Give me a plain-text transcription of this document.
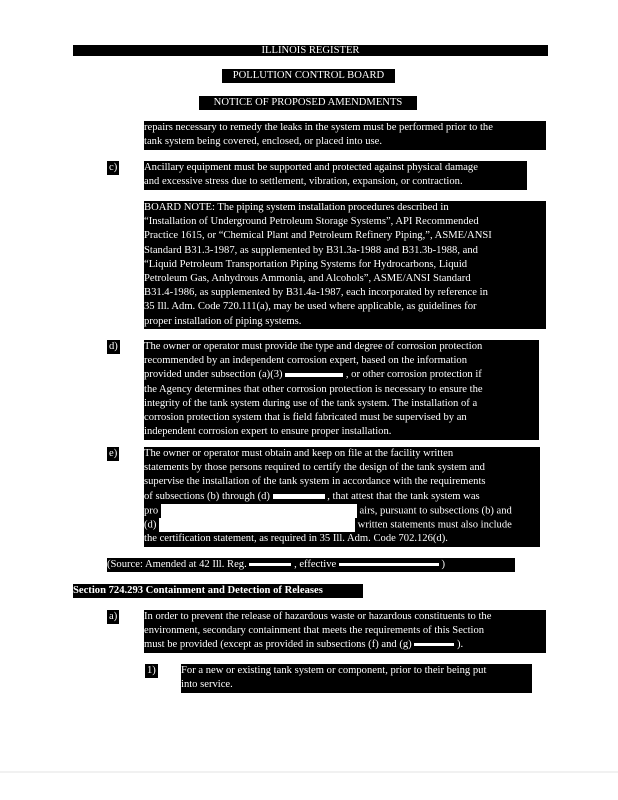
ILLINOIS REGISTER
POLLUTION CONTROL BOARD
NOTICE OF PROPOSED AMENDMENTS
repairs necessary to remedy the leaks in the system must be performed prior to the
tank system being covered, enclosed, or placed into use.
c)	Ancillary equipment must be supported and protected against physical damage
and excessive stress due to settlement, vibration, expansion, or contraction.
BOARD NOTE: The piping system installation procedures described in
“Installation of Underground Petroleum Storage Systems”, API Recommended
Practice 1615, or “Chemical Plant and Petroleum Refinery Piping,”, ASME/ANSI
Standard B31.3-1987, as supplemented by B31.3a-1988 and B31.3b-1988, and
“Liquid Petroleum Transportation Piping Systems for Hydrocarbons, Liquid
Petroleum Gas, Anhydrous Ammonia, and Alcohols”, ASME/ANSI Standard
B31.4-1986, as supplemented by B31.4a-1987, each incorporated by reference in
35 Ill. Adm. Code 720.111(a), may be used where applicable, as guidelines for
proper installation of piping systems.
d) The owner or operator must provide the type and degree of corrosion protection
recommended by an independent corrosion expert, based on the information
provided under subsection (a)(3)	, or other corrosion protection if
the Agency determines that other corrosion protection is necessary to ensure the
integrity of the tank system during use of the tank system. The installation of a
corrosion protection system that is field fabricated must be supervised by an
independent corrosion expert to ensure proper installation.
e)	The owner or operator must obtain and keep on file at the facility written
statements by those persons required to certify the design of the tank system and
supervise the installation of the tank system in accordance with the requirements
of subsections (b) through (d)	, that attest that the tank system was
pro	airs, pursuant to subsections (b) and
(d)	written statements must also include
the certification statement, as required in 35 Ill. Adm. Code 702.126(d).
(Source: Amended at 42 Ill. Reg.	, effective	)
Section 724.293 Containment and Detection of Releases
a)	In order to prevent the release of hazardous waste or hazardous constituents to the
environment, secondary containment that meets the requirements of this Section
must be provided (except as provided in subsections (f) and (g)	).
1) For a new or existing tank system or component, prior to their being put
into service.
